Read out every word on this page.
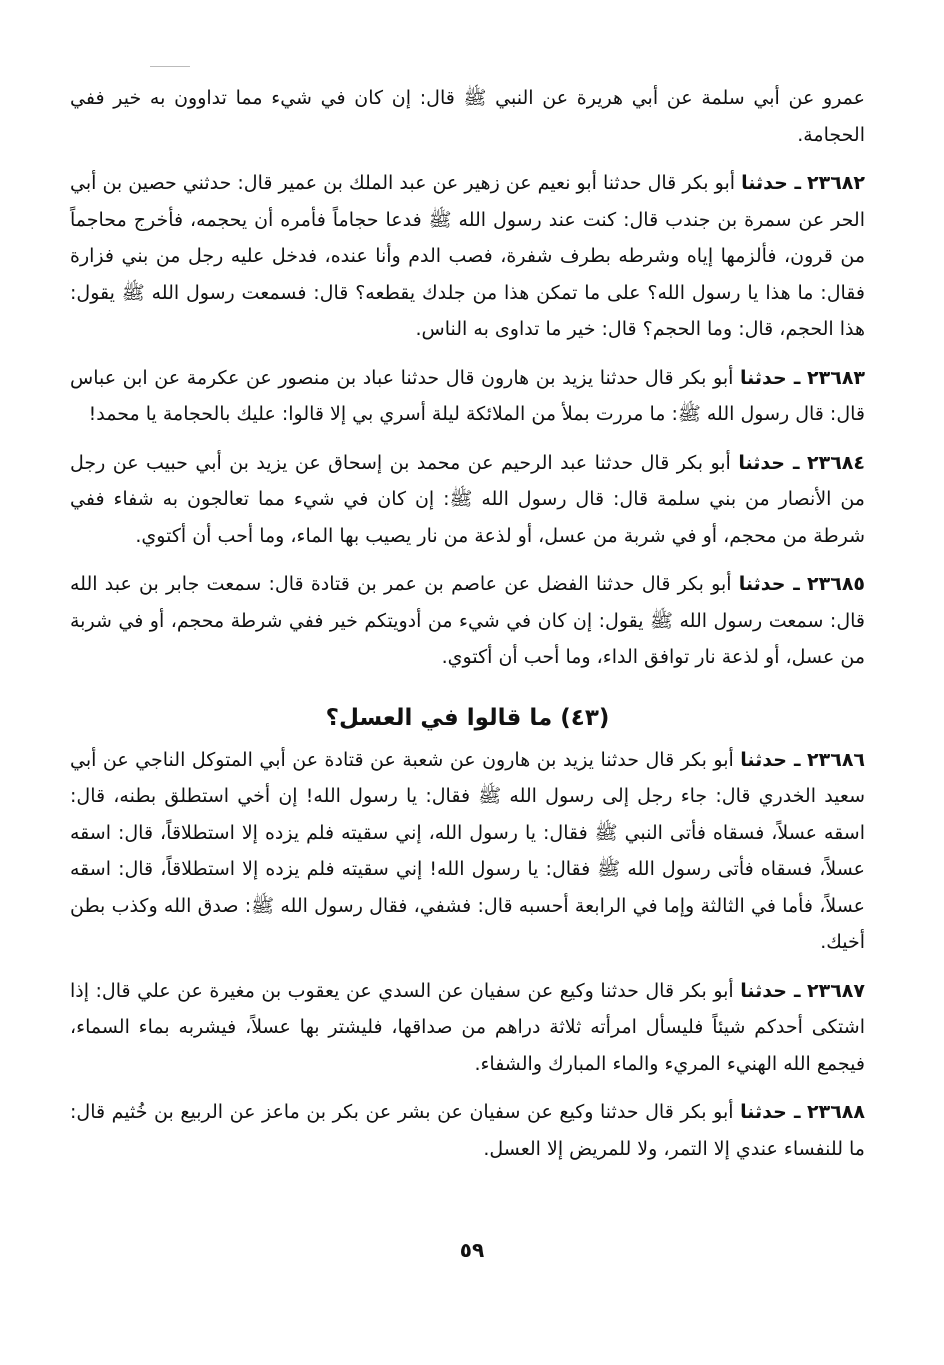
عمرو عن أبي سلمة عن أبي هريرة عن النبي ﷺ قال: إن كان في شيء مما تداوون به خير ففي الحجامة.

٢٣٦٨٢ ـ حدثنا أبو بكر قال حدثنا أبو نعيم عن زهير عن عبد الملك بن عمير قال: حدثني حصين بن أبي الحر عن سمرة بن جندب قال: كنت عند رسول الله ﷺ فدعا حجاماً فأمره أن يحجمه، فأخرج محاجماً من قرون، فألزمها إياه وشرطه بطرف شفرة، فصب الدم وأنا عنده، فدخل عليه رجل من بني فزارة فقال: ما هذا يا رسول الله؟ على ما تمكن هذا من جلدك يقطعه؟ قال: فسمعت رسول الله ﷺ يقول: هذا الحجم، قال: وما الحجم؟ قال: خير ما تداوى به الناس.

٢٣٦٨٣ ـ حدثنا أبو بكر قال حدثنا يزيد بن هارون قال حدثنا عباد بن منصور عن عكرمة عن ابن عباس قال: قال رسول الله ﷺ: ما مررت بملأ من الملائكة ليلة أسري بي إلا قالوا: عليك بالحجامة يا محمد!

٢٣٦٨٤ ـ حدثنا أبو بكر قال حدثنا عبد الرحيم عن محمد بن إسحاق عن يزيد بن أبي حبيب عن رجل من الأنصار من بني سلمة قال: قال رسول الله ﷺ: إن كان في شيء مما تعالجون به شفاء ففي شرطة من محجم، أو في شربة من عسل، أو لذعة من نار يصيب بها الماء، وما أحب أن أكتوي.

٢٣٦٨٥ ـ حدثنا أبو بكر قال حدثنا الفضل عن عاصم بن عمر بن قتادة قال: سمعت جابر بن عبد الله قال: سمعت رسول الله ﷺ يقول: إن كان في شيء من أدويتكم خير ففي شرطة محجم، أو في شربة من عسل، أو لذعة نار توافق الداء، وما أحب أن أكتوي.

(٤٣) ما قالوا في العسل؟

٢٣٦٨٦ ـ حدثنا أبو بكر قال حدثنا يزيد بن هارون عن شعبة عن قتادة عن أبي المتوكل الناجي عن أبي سعيد الخدري قال: جاء رجل إلى رسول الله ﷺ فقال: يا رسول الله! إن أخي استطلق بطنه، قال: اسقه عسلاً، فسقاه فأتى النبي ﷺ فقال: يا رسول الله، إني سقيته فلم يزده إلا استطلاقاً، قال: اسقه عسلاً، فسقاه فأتى رسول الله ﷺ فقال: يا رسول الله! إني سقيته فلم يزده إلا استطلاقاً، قال: اسقه عسلاً، فأما في الثالثة وإما في الرابعة أحسبه قال: فشفي، فقال رسول الله ﷺ: صدق الله وكذب بطن أخيك.

٢٣٦٨٧ ـ حدثنا أبو بكر قال حدثنا وكيع عن سفيان عن السدي عن يعقوب بن مغيرة عن علي قال: إذا اشتكى أحدكم شيئاً فليسأل امرأته ثلاثة دراهم من صداقها، فليشتر بها عسلاً، فيشربه بماء السماء، فيجمع الله الهنيء المريء والماء المبارك والشفاء.

٢٣٦٨٨ ـ حدثنا أبو بكر قال حدثنا وكيع عن سفيان عن بشر عن بكر بن ماعز عن الربيع بن خُثيم قال: ما للنفساء عندي إلا التمر، ولا للمريض إلا العسل.

٥٩
